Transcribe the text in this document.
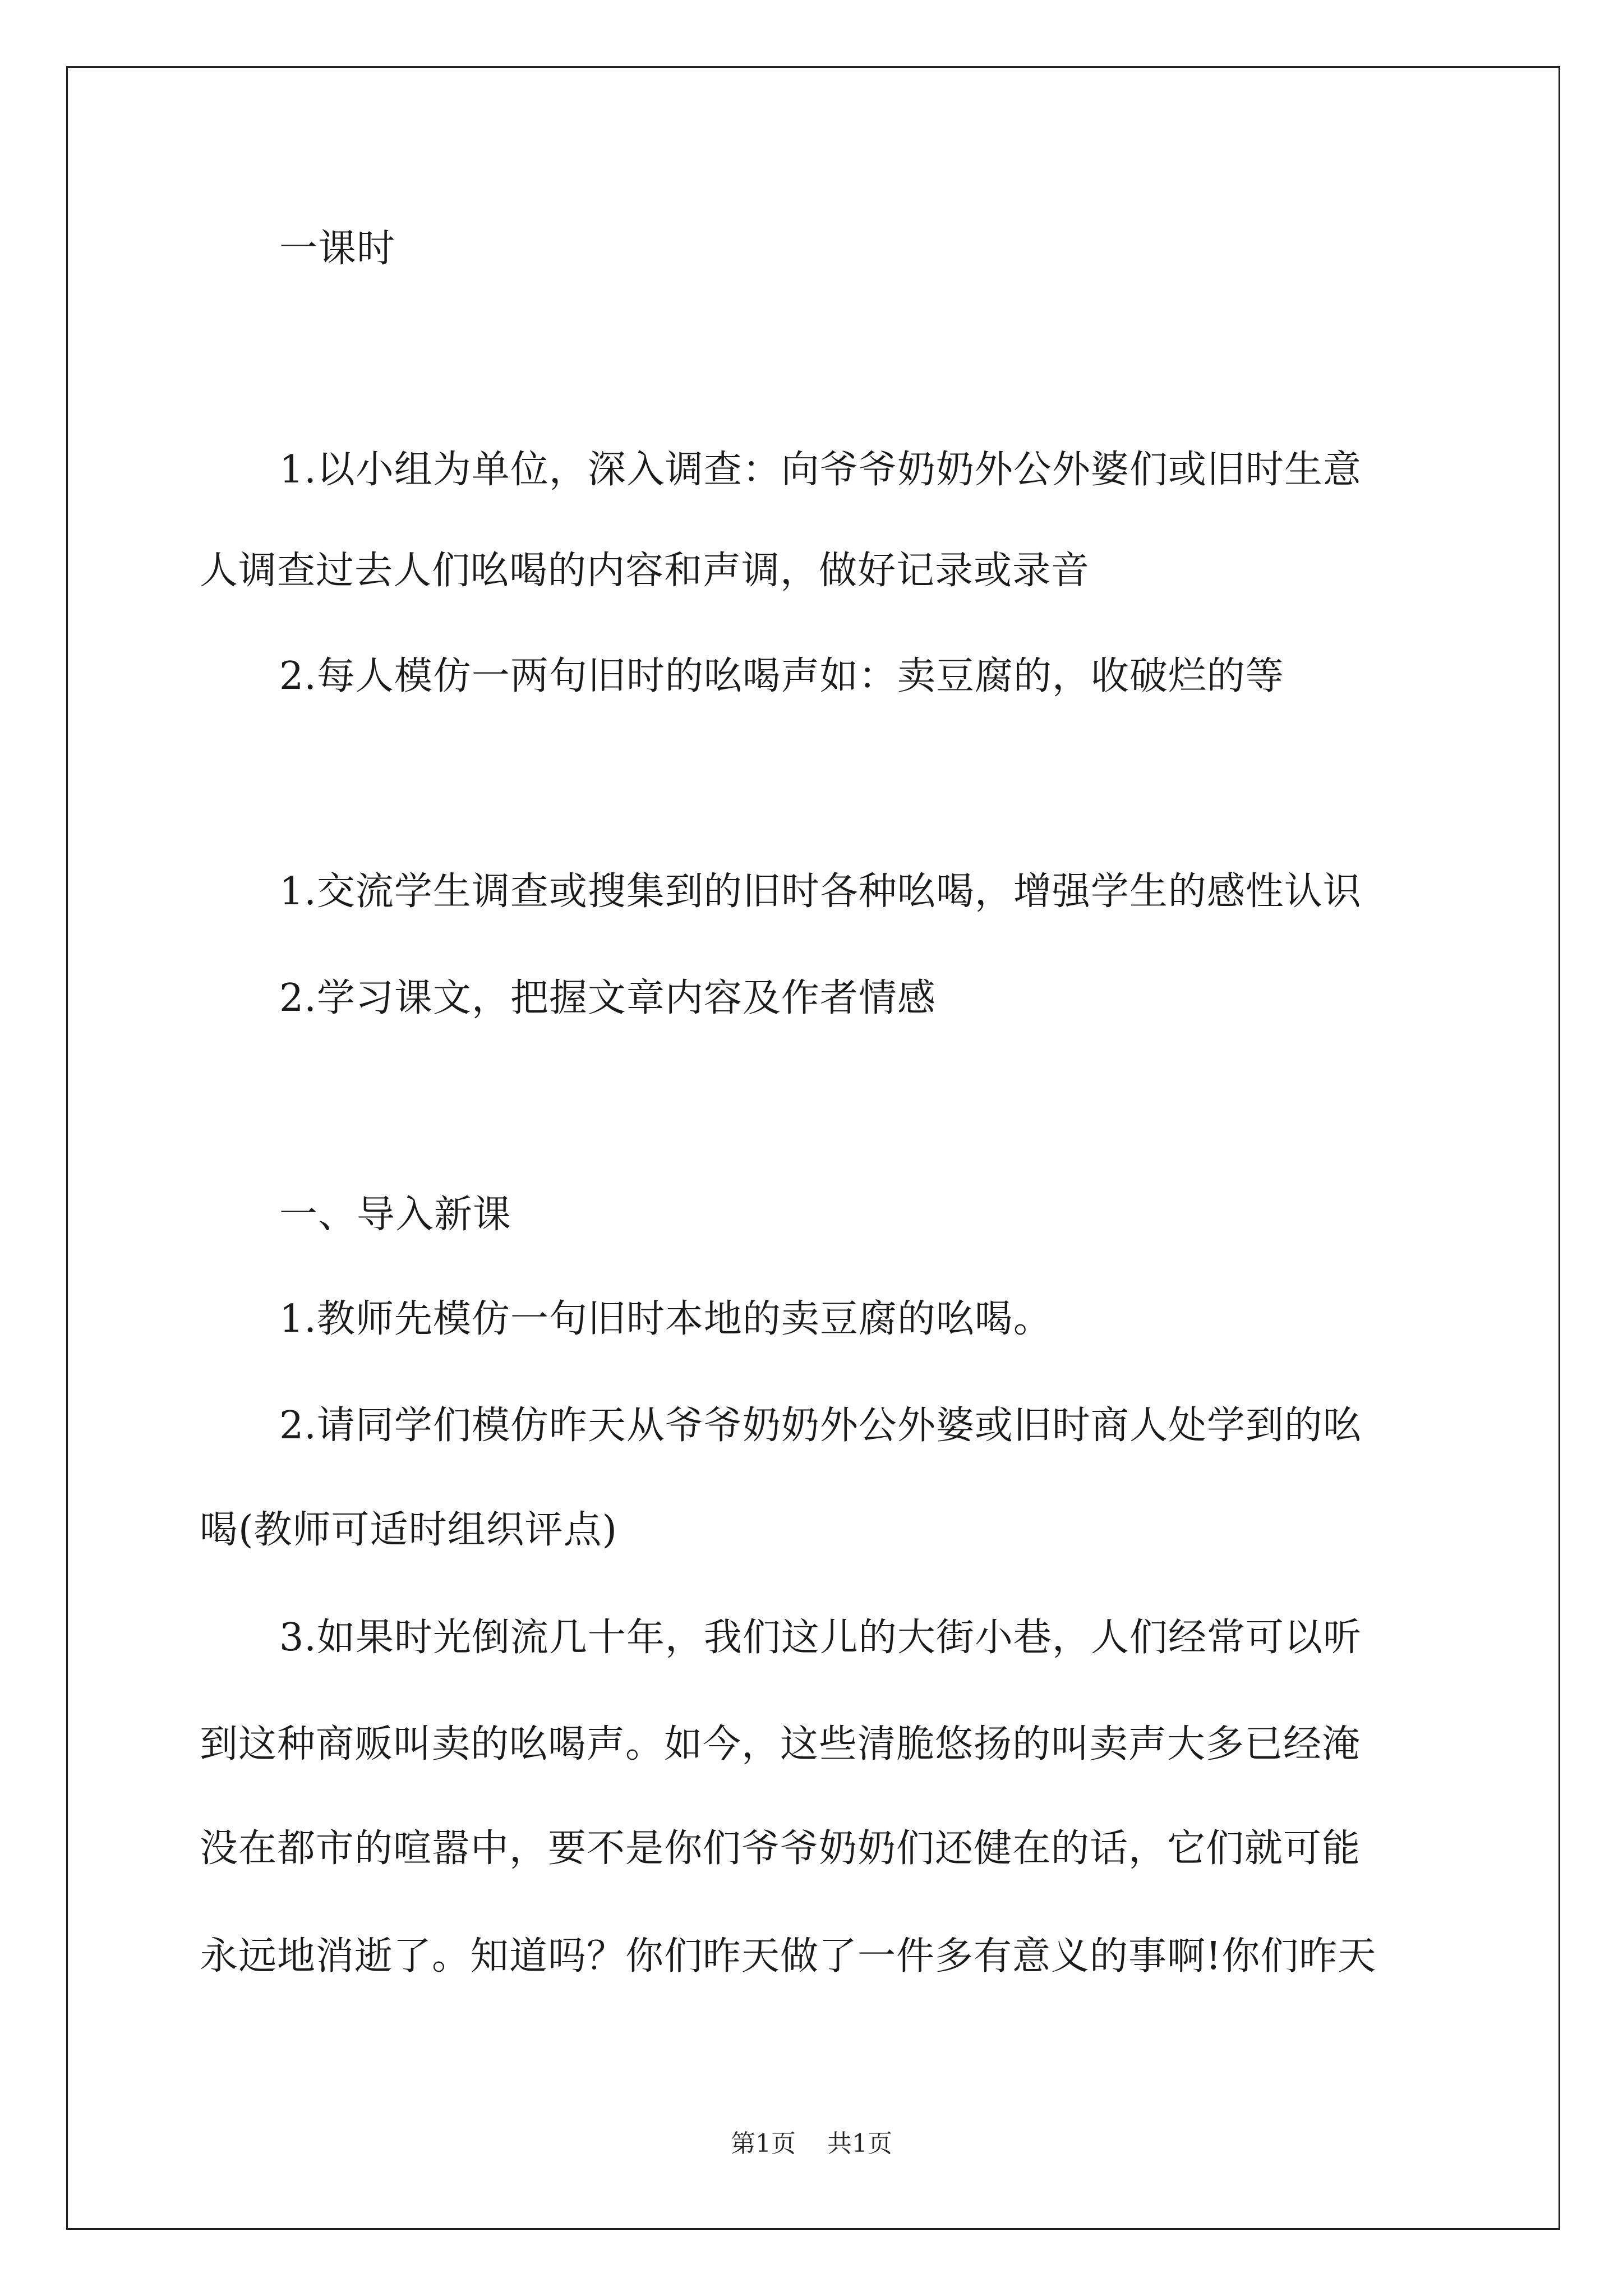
一课时
1.以小组为单位，深入调查：向爷爷奶奶外公外婆们或旧时生意
人调查过去人们吆喝的内容和声调，做好记录或录音
2.每人模仿一两句旧时的吆喝声如：卖豆腐的，收破烂的等
1.交流学生调查或搜集到的旧时各种吆喝，增强学生的感性认识
2.学习课文，把握文章内容及作者情感
一、导入新课
1.教师先模仿一句旧时本地的卖豆腐的吆喝。
2.请同学们模仿昨天从爷爷奶奶外公外婆或旧时商人处学到的吆
喝(教师可适时组织评点)
3.如果时光倒流几十年，我们这儿的大街小巷，人们经常可以听
到这种商贩叫卖的吆喝声。如今，这些清脆悠扬的叫卖声大多已经淹
没在都市的喧嚣中，要不是你们爷爷奶奶们还健在的话，它们就可能
永远地消逝了。知道吗？你们昨天做了一件多有意义的事啊!你们昨天
第1页 共1页
